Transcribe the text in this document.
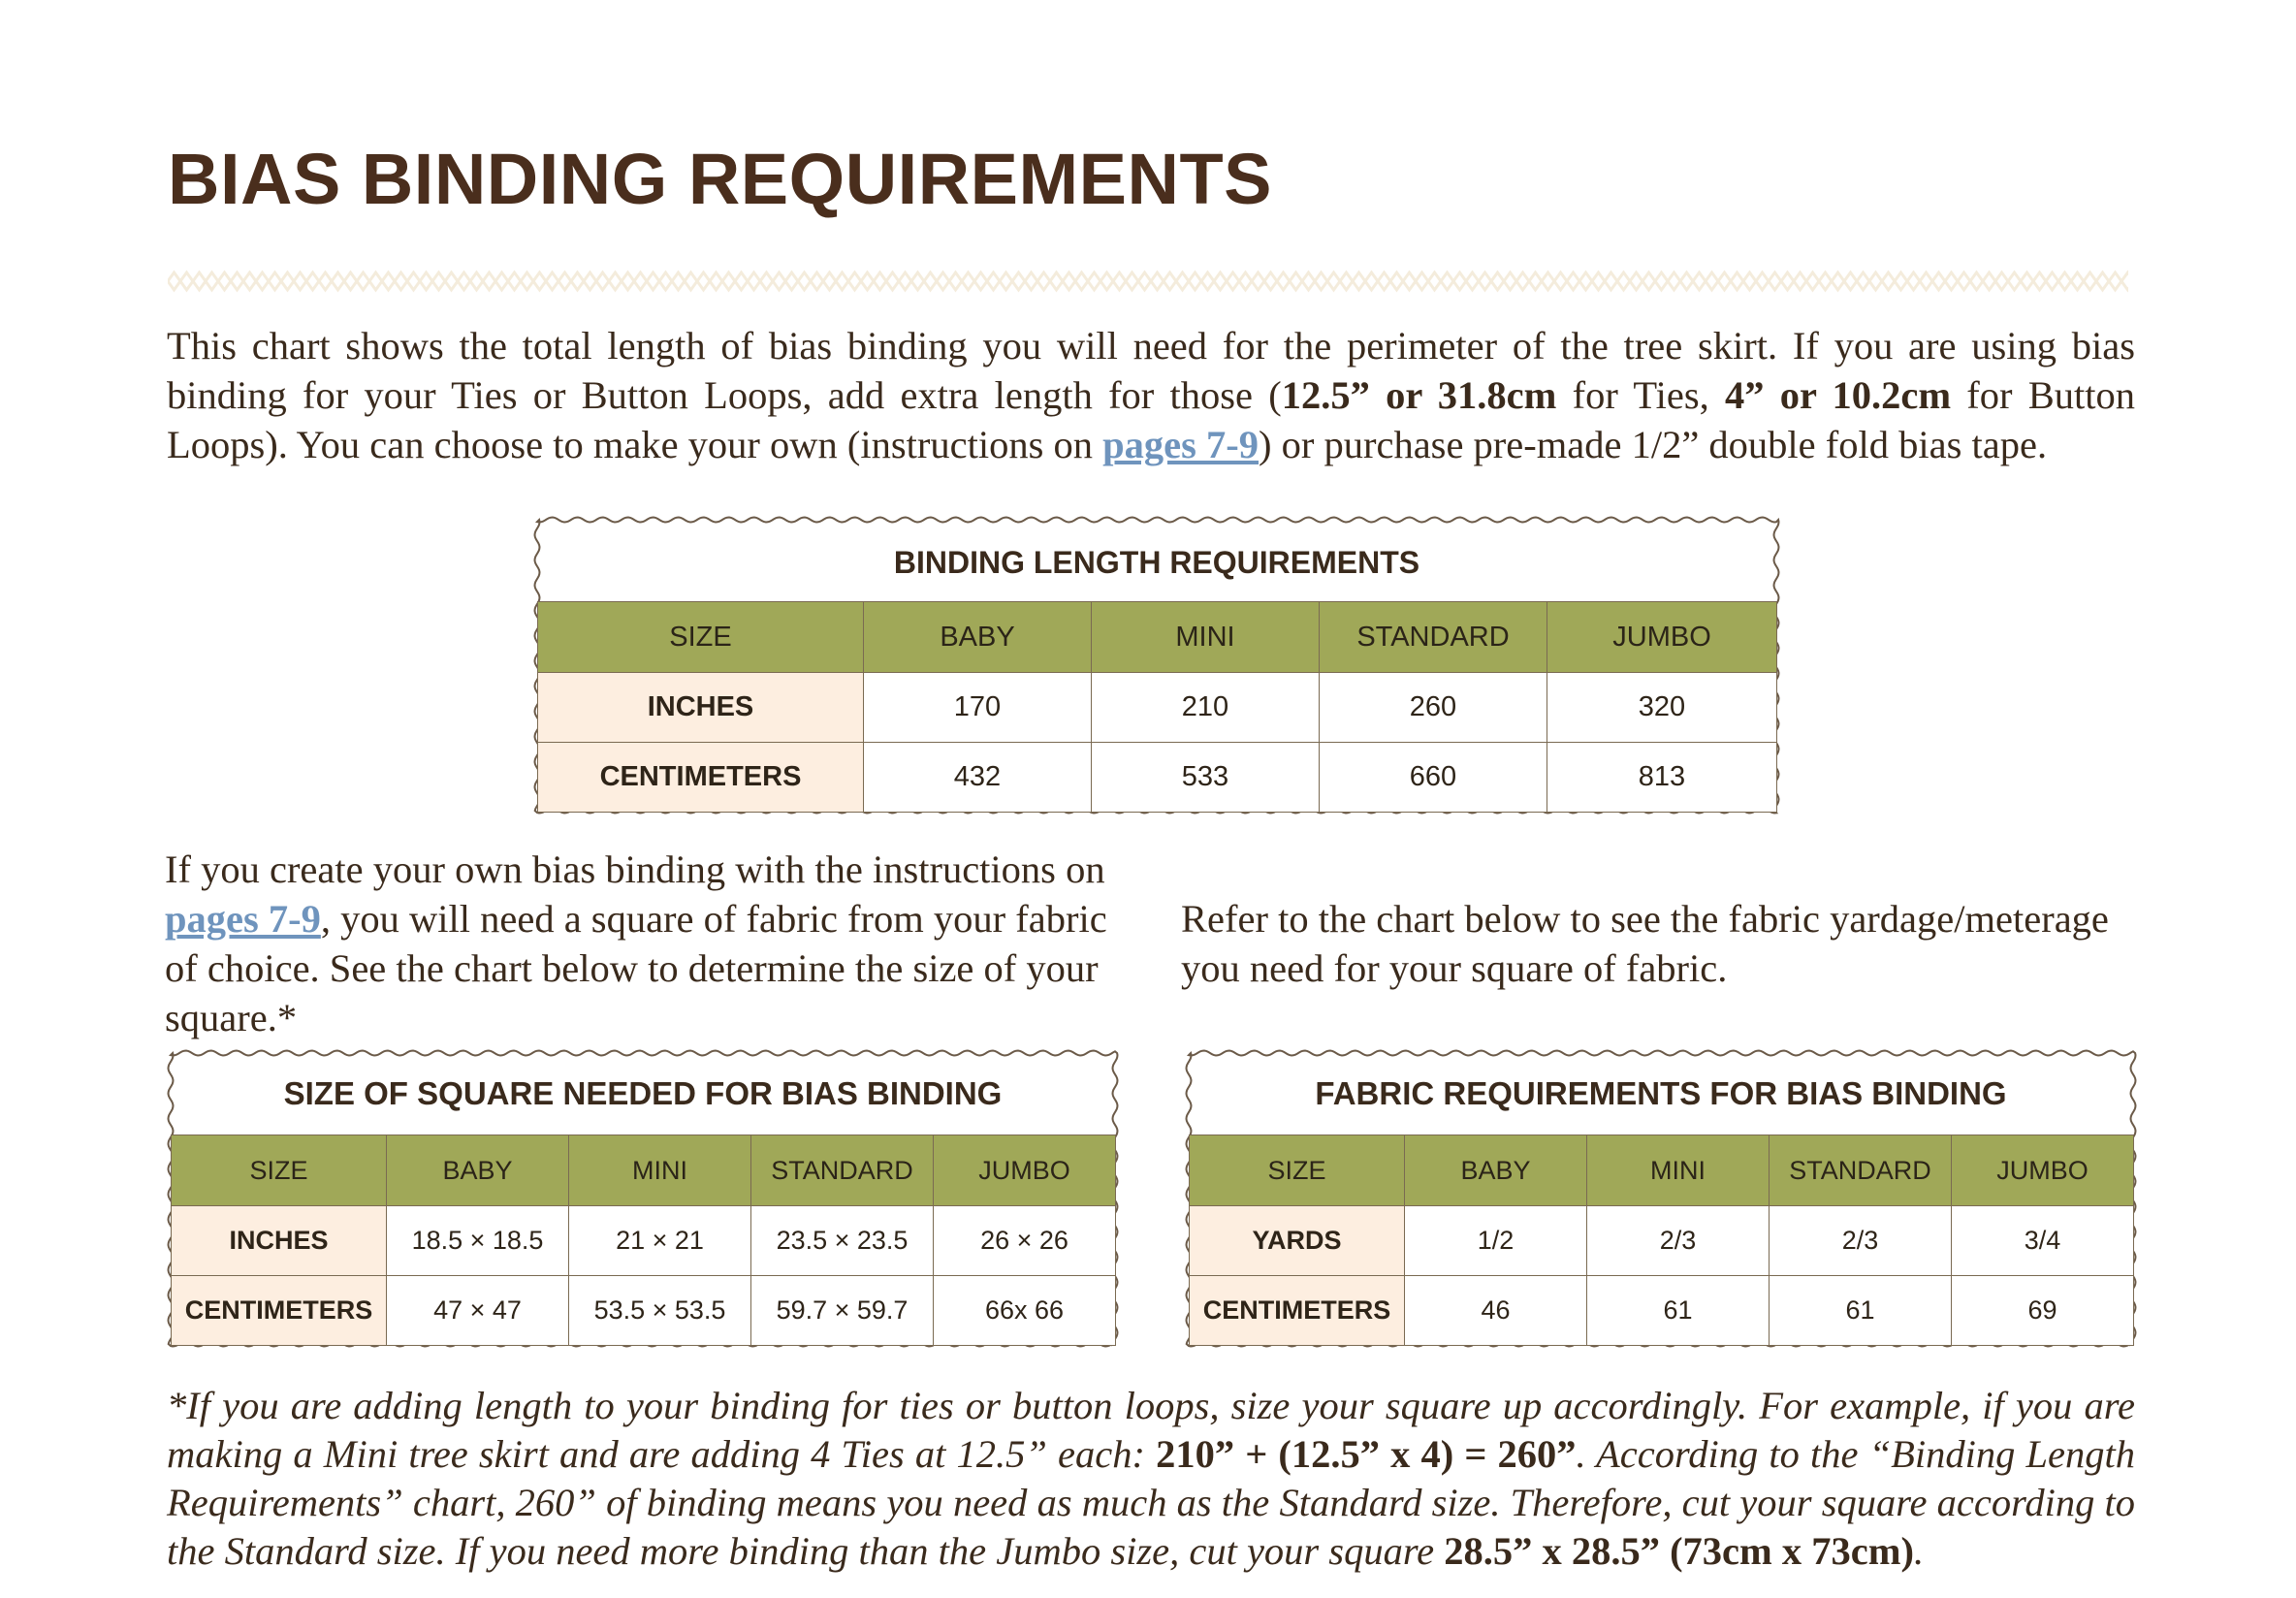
BIAS BINDING REQUIREMENTS

This chart shows the total length of bias binding you will need for the perimeter of the tree skirt. If you are using bias binding for your Ties or Button Loops, add extra length for those (12.5” or 31.8cm for Ties, 4” or 10.2cm for Button Loops). You can choose to make your own (instructions on pages 7-9) or purchase pre-made 1/2” double fold bias tape.

BINDING LENGTH REQUIREMENTS
SIZE	BABY	MINI	STANDARD	JUMBO
INCHES	170	210	260	320
CENTIMETERS	432	533	660	813

If you create your own bias binding with the instructions on pages 7-9, you will need a square of fabric from your fabric of choice. See the chart below to determine the size of your square.*

Refer to the chart below to see the fabric yardage/meterage you need for your square of fabric.

SIZE OF SQUARE NEEDED FOR BIAS BINDING
SIZE	BABY	MINI	STANDARD	JUMBO
INCHES	18.5 × 18.5	21 × 21	23.5 × 23.5	26 × 26
CENTIMETERS	47 × 47	53.5 × 53.5	59.7 × 59.7	66x 66
FABRIC REQUIREMENTS FOR BIAS BINDING
SIZE	BABY	MINI	STANDARD	JUMBO
YARDS	1/2	2/3	2/3	3/4
CENTIMETERS	46	61	61	69

*If you are adding length to your binding for ties or button loops, size your square up accordingly. For example, if you are making a Mini tree skirt and are adding 4 Ties at 12.5” each: 210” + (12.5” x 4) = 260”. According to the “Binding Length Requirements” chart, 260” of binding means you need as much as the Standard size. Therefore, cut your square according to the Standard size. If you need more binding than the Jumbo size, cut your square 28.5” x 28.5” (73cm x 73cm).
